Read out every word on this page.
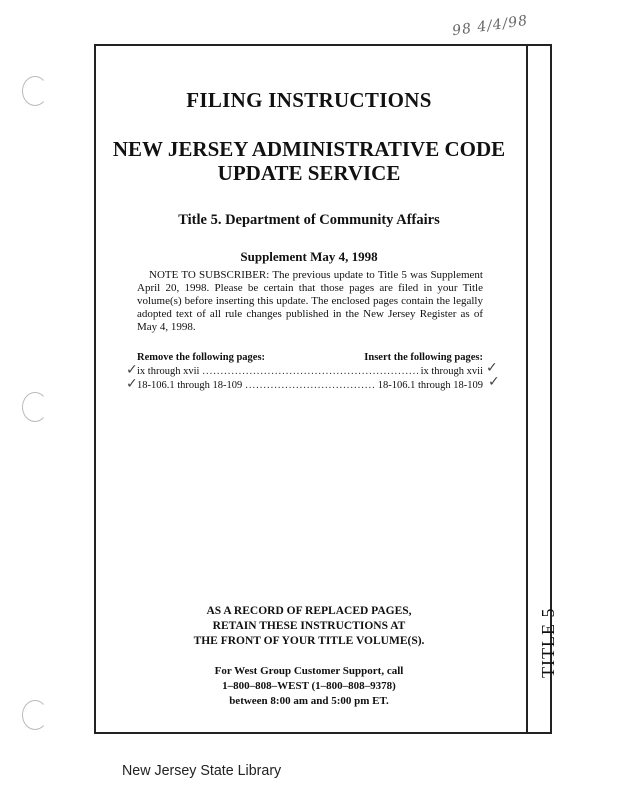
98 4/4/98
TITLE 5
FILING INSTRUCTIONS
NEW JERSEY ADMINISTRATIVE CODE
UPDATE SERVICE
Title 5. Department of Community Affairs
Supplement May 4, 1998
NOTE TO SUBSCRIBER: The previous update to Title 5 was Supplement April 20, 1998. Please be certain that those pages are filed in your Title volume(s) before inserting this update. The enclosed pages contain the legally adopted text of all rule changes published in the New Jersey Register as of May 4, 1998.
Remove the following pages:	Insert the following pages:
ix through xvii .....	ix through xvii
18-106.1 through 18-109 .....	18-106.1 through 18-109
✓
✓
✓
✓
AS A RECORD OF REPLACED PAGES,
RETAIN THESE INSTRUCTIONS AT
THE FRONT OF YOUR TITLE VOLUME(S).
For West Group Customer Support, call
1–800–808–WEST (1–800–808–9378)
between 8:00 am and 5:00 pm ET.
New Jersey State Library
